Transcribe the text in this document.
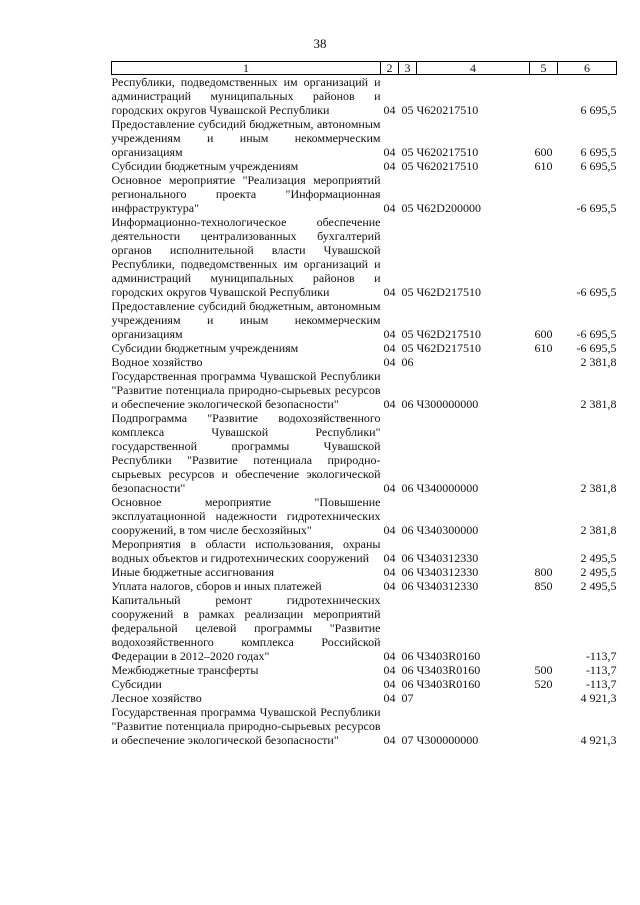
38
1	2	3	4	5	6
Республики, подведомственных им организаций и администраций муниципальных районов и городских округов Чувашской Республики	04	05	Ч620217510		6 695,5
Предоставление субсидий бюджетным, автономным учреждениям и иным некоммерческим организациям	04	05	Ч620217510	600	6 695,5
Субсидии бюджетным учреждениям	04	05	Ч620217510	610	6 695,5
Основное мероприятие "Реализация мероприятий регионального проекта "Информационная инфраструктура"	04	05	Ч62D200000		-6 695,5
Информационно-технологическое обеспечение деятельности централизованных бухгалтерий органов исполнительной власти Чувашской Республики, подведомственных им организаций и администраций муниципальных районов и городских округов Чувашской Республики	04	05	Ч62D217510		-6 695,5
Предоставление субсидий бюджетным, автономным учреждениям и иным некоммерческим организациям	04	05	Ч62D217510	600	-6 695,5
Субсидии бюджетным учреждениям	04	05	Ч62D217510	610	-6 695,5
Водное хозяйство	04	06			2 381,8
Государственная программа Чувашской Республики "Развитие потенциала природно-сырьевых ресурсов и обеспечение экологической безопасности"	04	06	Ч300000000		2 381,8
Подпрограмма "Развитие водохозяйственного комплекса Чувашской Республики" государственной программы Чувашской Республики "Развитие потенциала природно-сырьевых ресурсов и обеспечение экологической безопасности"	04	06	Ч340000000		2 381,8
Основное мероприятие "Повышение эксплуатационной надежности гидротехнических сооружений, в том числе бесхозяйных"	04	06	Ч340300000		2 381,8
Мероприятия в области использования, охраны водных объектов и гидротехнических сооружений	04	06	Ч340312330		2 495,5
Иные бюджетные ассигнования	04	06	Ч340312330	800	2 495,5
Уплата налогов, сборов и иных платежей	04	06	Ч340312330	850	2 495,5
Капитальный ремонт гидротехнических сооружений в рамках реализации мероприятий федеральной целевой программы "Развитие водохозяйственного комплекса Российской Федерации в 2012–2020 годах"	04	06	Ч3403R0160		-113,7
Межбюджетные трансферты	04	06	Ч3403R0160	500	-113,7
Субсидии	04	06	Ч3403R0160	520	-113,7
Лесное хозяйство	04	07			4 921,3
Государственная программа Чувашской Республики "Развитие потенциала природно-сырьевых ресурсов и обеспечение экологической безопасности"	04	07	Ч300000000		4 921,3
